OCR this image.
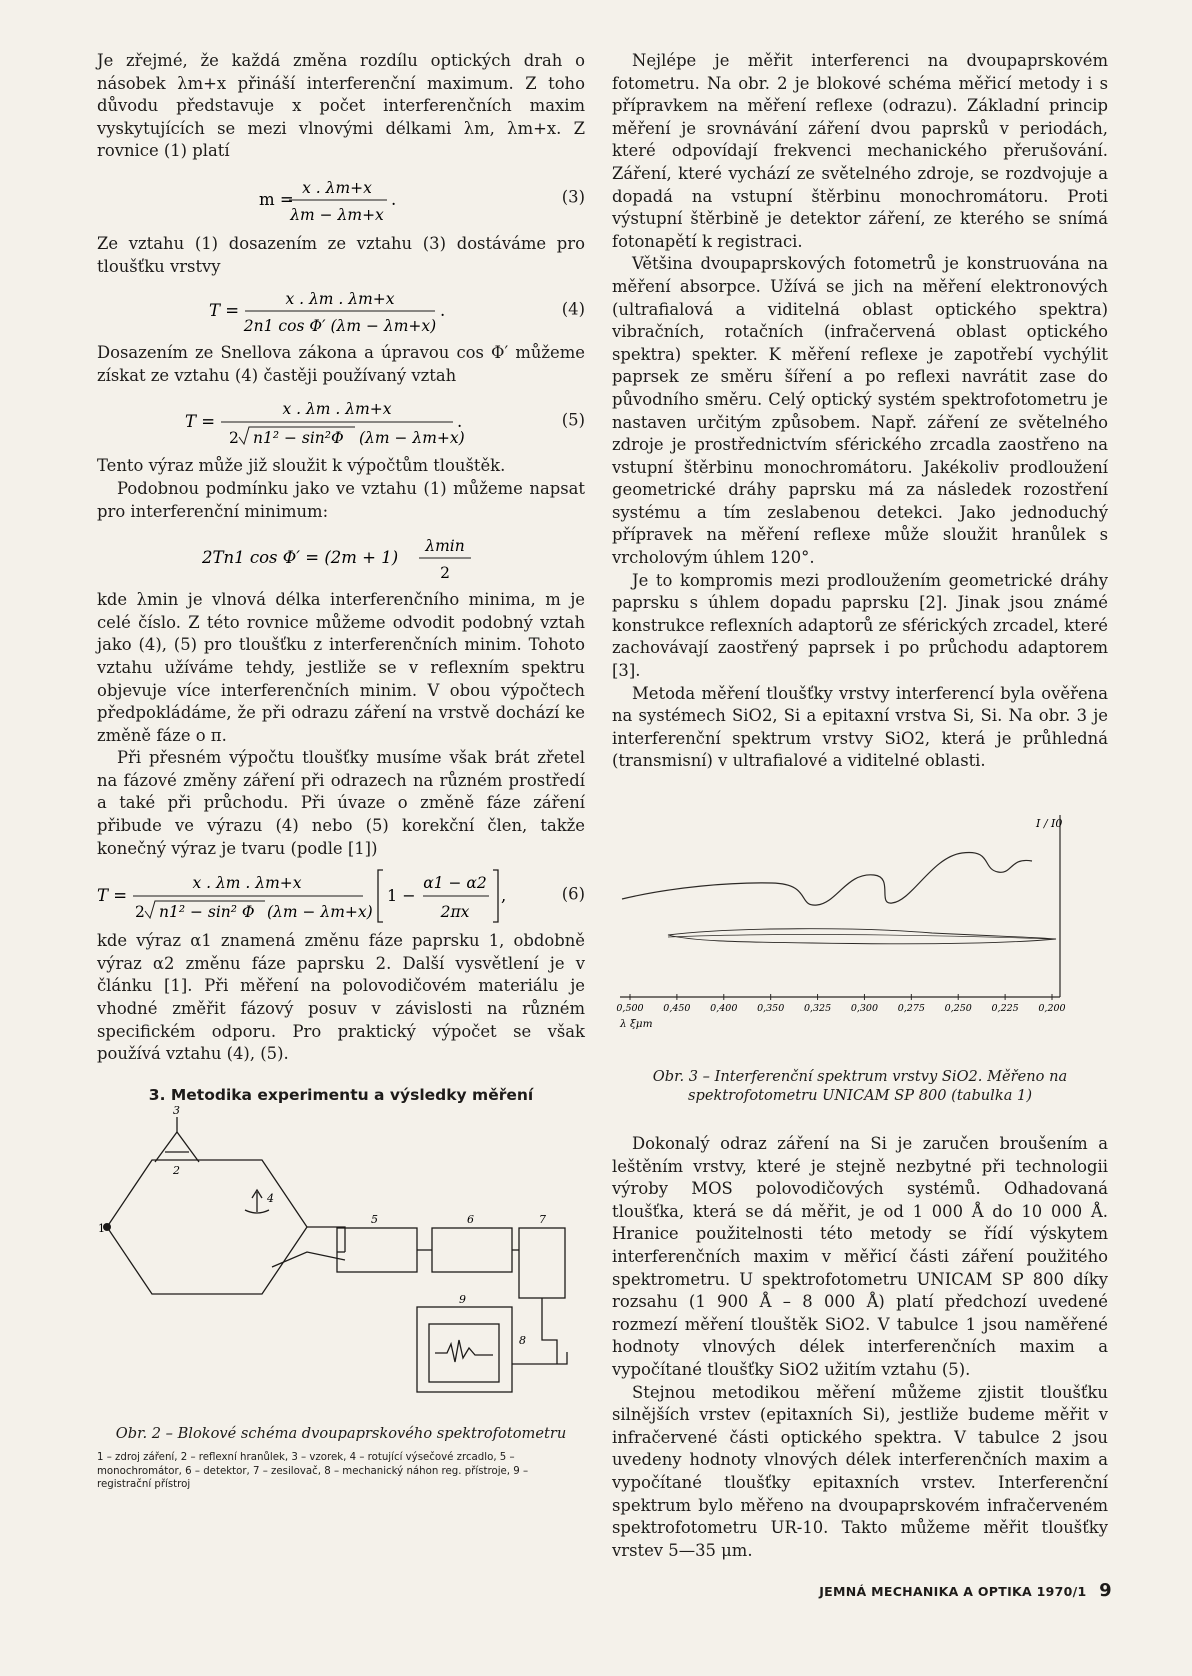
Je zřejmé, že každá změna rozdílu optických drah o násobek λm+x přináší interferenční maximum. Z toho důvodu představuje x počet interferenčních maxim vyskytujících se mezi vlnovými délkami λm, λm+x. Z rovnice (1) platí

m =
x . λm+x
λm − λm+x
.	(3)

Ze vztahu (1) dosazením ze vztahu (3) dostáváme pro tloušťku vrstvy

T =
x . λm . λm+x
2n1 cos Φ′ (λm − λm+x)
.	(4)

Dosazením ze Snellova zákona a úpravou cos Φ′ můžeme získat ze vztahu (4) častěji používaný vztah

T =
x . λm . λm+x
2 n1² − sin²Φ (λm − λm+x)
.	(5)

Tento výraz může již sloužit k výpočtům tlouštěk.

Podobnou podmínku jako ve vztahu (1) můžeme napsat pro interferenční minimum:

2Tn1 cos Φ′ = (2m + 1)
λmin
2

kde λmin je vlnová délka interferenčního minima, m je celé číslo. Z této rovnice můžeme odvodit podobný vztah jako (4), (5) pro tloušťku z interferenčních minim. Tohoto vztahu užíváme tehdy, jestliže se v reflexním spektru objevuje více interferenčních minim. V obou výpočtech předpokládáme, že při odrazu záření na vrstvě dochází ke změně fáze o π.

Při přesném výpočtu tloušťky musíme však brát zřetel na fázové změny záření při odrazech na různém prostředí a také při průchodu. Při úvaze o změně fáze záření přibude ve výrazu (4) nebo (5) korekční člen, takže konečný výraz je tvaru (podle [1])

T =
x . λm . λm+x
2 n1² − sin² Φ (λm − λm+x)
1 −
α1 − α2
2πx
,	(6)

kde výraz α1 znamená změnu fáze paprsku 1, obdobně výraz α2 změnu fáze paprsku 2. Další vysvětlení je v článku [1]. Při měření na polovodičovém materiálu je vhodné změřit fázový posuv v závislosti na různém specifickém odporu. Pro praktický výpočet se však používá vztahu (4), (5).

3. Metodika experimentu a výsledky měření
1
2
3
4
5	6	7
8
9
Obr. 2 – Blokové schéma dvoupaprskového spektrofotometru
1 – zdroj záření, 2 – reflexní hranůlek, 3 – vzorek, 4 – rotující výsečové zrcadlo, 5 – monochromátor, 6 – detektor, 7 – zesilovač, 8 – mechanický náhon reg. přístroje, 9 – registrační přístroj

Nejlépe je měřit interferenci na dvoupaprskovém fotometru. Na obr. 2 je blokové schéma měřicí metody i s přípravkem na měření reflexe (odrazu). Základní princip měření je srovnávání záření dvou paprsků v periodách, které odpovídají frekvenci mechanického přerušování. Záření, které vychází ze světelného zdroje, se rozdvojuje a dopadá na vstupní štěrbinu monochromátoru. Proti výstupní štěrbině je detektor záření, ze kterého se snímá fotonapětí k registraci.

Většina dvoupaprskových fotometrů je konstruována na měření absorpce. Užívá se jich na měření elektronových (ultrafialová a viditelná oblast optického spektra) vibračních, rotačních (infračervená oblast optického spektra) spekter. K měření reflexe je zapotřebí vychýlit paprsek ze směru šíření a po reflexi navrátit zase do původního směru. Celý optický systém spektrofotometru je nastaven určitým způsobem. Např. záření ze světelného zdroje je prostřednictvím sférického zrcadla zaostřeno na vstupní štěrbinu monochromátoru. Jakékoliv prodloužení geometrické dráhy paprsku má za následek rozostření systému a tím zeslabenou detekci. Jako jednoduchý přípravek na měření reflexe může sloužit hranůlek s vrcholovým úhlem 120°.

Je to kompromis mezi prodloužením geometrické dráhy paprsku s úhlem dopadu paprsku [2]. Jinak jsou známé konstrukce reflexních adaptorů ze sférických zrcadel, které zachovávají zaostřený paprsek i po průchodu adaptorem [3].

Metoda měření tloušťky vrstvy interferencí byla ověřena na systémech SiO2, Si a epitaxní vrstva Si, Si. Na obr. 3 je interferenční spektrum vrstvy SiO2, která je průhledná (transmisní) v ultrafialové a viditelné oblasti.

0,500 0,450 0,400 0,350 0,325 0,300 0,275 0,250 0,225 0,200
I / I0
λ ξμm
Obr. 3 – Interferenční spektrum vrstvy SiO2. Měřeno na spektrofotometru UNICAM SP 800 (tabulka 1)

Dokonalý odraz záření na Si je zaručen broušením a leštěním vrstvy, které je stejně nezbytné při technologii výroby MOS polovodičových systémů. Odhadovaná tloušťka, která se dá měřit, je od 1 000 Å do 10 000 Å. Hranice použitelnosti této metody se řídí výskytem interferenčních maxim v měřicí části záření použitého spektrometru. U spektrofotometru UNICAM SP 800 díky rozsahu (1 900 Å – 8 000 Å) platí předchozí uvedené rozmezí měření tlouštěk SiO2. V tabulce 1 jsou naměřené hodnoty vlnových délek interferenčních maxim a vypočítané tloušťky SiO2 užitím vztahu (5).

Stejnou metodikou měření můžeme zjistit tloušťku silnějších vrstev (epitaxních Si), jestliže budeme měřit v infračervené části optického spektra. V tabulce 2 jsou uvedeny hodnoty vlnových délek interferenčních maxim a vypočítané tloušťky epitaxních vrstev. Interferenční spektrum bylo měřeno na dvoupaprskovém infračerveném spektrofotometru UR-10. Takto můžeme měřit tloušťky vrstev 5—35 μm.

JEMNÁ MECHANIKA A OPTIKA 1970/1 9
